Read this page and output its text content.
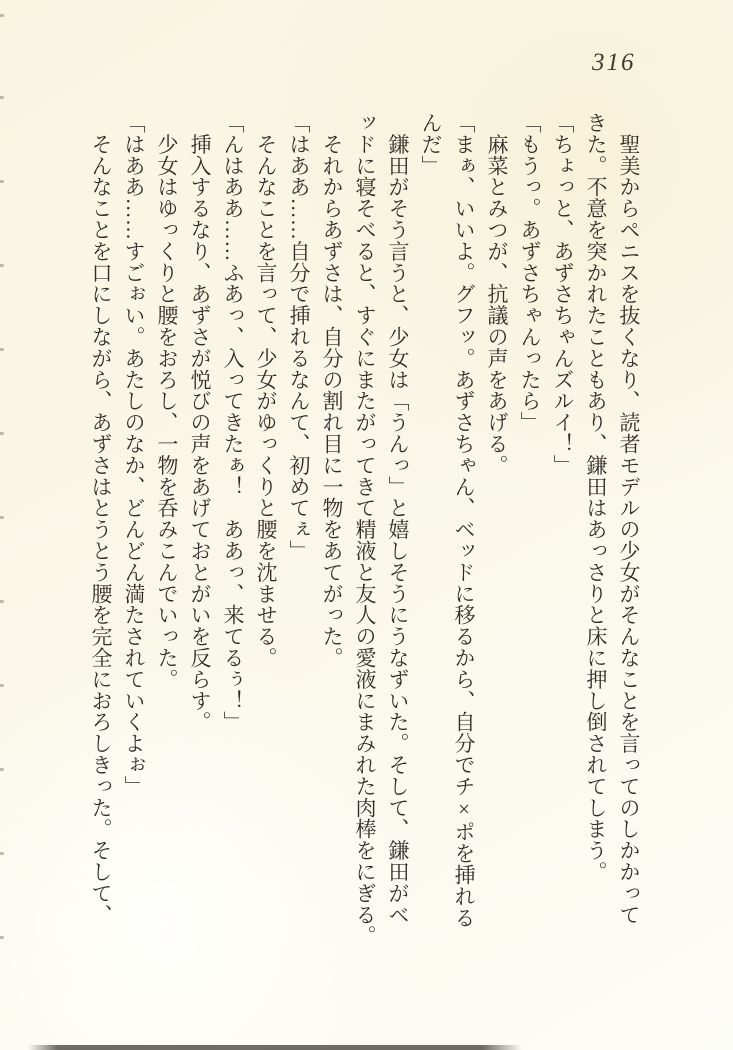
316

　聖美からペニスを抜くなり、読者モデルの少女がそんなことを言ってのしかかって

きた。不意を突かれたこともあり、鎌田はあっさりと床に押し倒されてしまう。

「ちょっと、あずさちゃんズルイ！」

「もうっ。あずさちゃんったら」

　麻菜とみつが、抗議の声をあげる。

「まぁ、いいよ。グフッ。あずさちゃん、ベッドに移るから、自分でチ×ポを挿れる

んだ」

　鎌田がそう言うと、少女は「うんっ」と嬉しそうにうなずいた。そして、鎌田がベ

ッドに寝そべると、すぐにまたがってきて精液と友人の愛液にまみれた肉棒をにぎる。

　それからあずさは、自分の割れ目に一物をあてがった。

「はああ……自分で挿れるなんて、初めてぇ」

　そんなことを言って、少女がゆっくりと腰を沈ませる。

「んはああ……ふあっ、入ってきたぁ！　ああっ、来てるぅ！」

　挿入するなり、あずさが悦びの声をあげておとがいを反らす。

　少女はゆっくりと腰をおろし、一物を呑みこんでいった。

「はああ……すごぉい。あたしのなか、どんどん満たされていくよぉ」

　そんなことを口にしながら、あずさはとうとう腰を完全におろしきった。そして、
